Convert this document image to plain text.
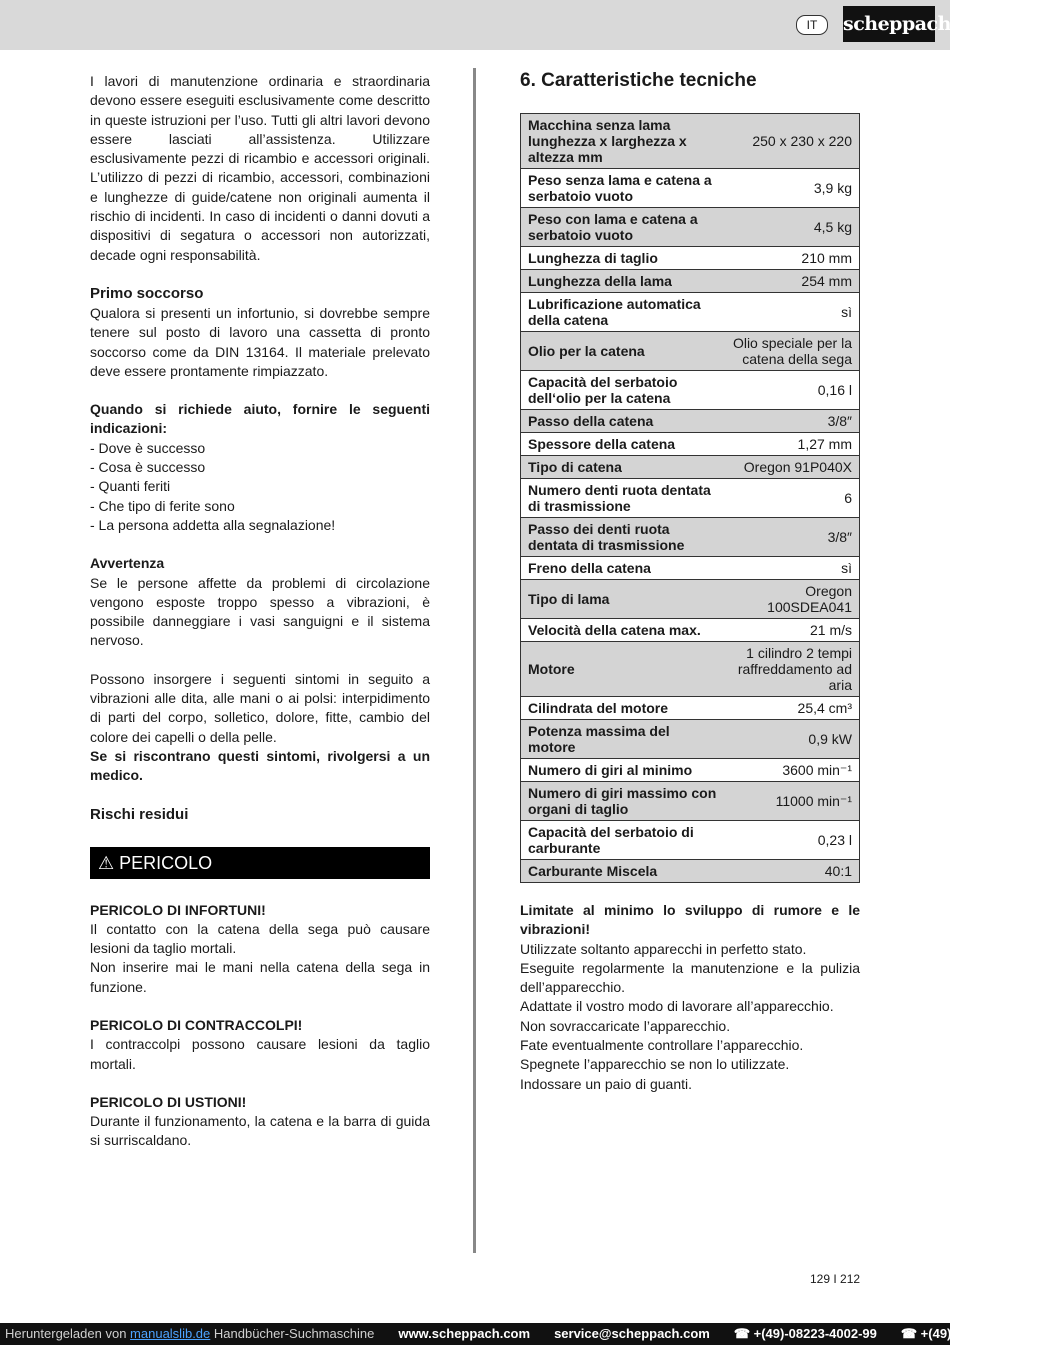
IT	scheppach

I lavori di manutenzione ordinaria e straordinaria devono essere eseguiti esclusivamente come descritto in queste istruzioni per l’uso. Tutti gli altri lavori devono essere lasciati all’assistenza. Utilizzare esclusivamente pezzi di ricambio e accessori originali. L’utilizzo di pezzi di ricambio, accessori, combinazioni e lunghezze di guide/catene non originali aumenta il rischio di incidenti. In caso di incidenti o danni dovuti a dispositivi di segatura o accessori non autorizzati, decade ogni responsabilità.

Primo soccorso

Qualora si presenti un infortunio, si dovrebbe sempre tenere sul posto di lavoro una cassetta di pronto soccorso come da DIN 13164. Il materiale prelevato deve essere prontamente rimpiazzato.

Quando si richiede aiuto, fornire le seguenti indicazioni:

- Dove è successo
- Cosa è successo
- Quanti feriti
- Che tipo di ferite sono
- La persona addetta alla segnalazione!

Avvertenza

Se le persone affette da problemi di circolazione vengono esposte troppo spesso a vibrazioni, è possibile danneggiare i vasi sanguigni e il sistema nervoso.

Possono insorgere i seguenti sintomi in seguito a vibrazioni alle dita, alle mani o ai polsi: interpidimento di parti del corpo, solletico, dolore, fitte, cambio del colore dei capelli o della pelle.

Se si riscontrano questi sintomi, rivolgersi a un medico.

Rischi residui
⚠ PERICOLO

PERICOLO DI INFORTUNI!

Il contatto con la catena della sega può causare lesioni da taglio mortali.

Non inserire mai le mani nella catena della sega in funzione.

PERICOLO DI CONTRACCOLPI!

I contraccolpi possono causare lesioni da taglio mortali.

PERICOLO DI USTIONI!

Durante il funzionamento, la catena e la barra di guida si surriscaldano.

6. Caratteristiche tecniche
Macchina senza lama lunghezza x larghezza x altezza mm	250 x 230 x 220
Peso senza lama e catena a serbatoio vuoto	3,9 kg
Peso con lama e catena a serbatoio vuoto	4,5 kg
Lunghezza di taglio	210 mm
Lunghezza della lama	254 mm
Lubrificazione automatica della catena	sì
Olio per la catena	Olio speciale per la catena della sega
Capacità del serbatoio dell‘olio per la catena	0,16 l
Passo della catena	3/8″
Spessore della catena	1,27 mm
Tipo di catena	Oregon 91P040X
Numero denti ruota dentata di trasmissione	6
Passo dei denti ruota dentata di trasmissione	3/8″
Freno della catena	sì
Tipo di lama	Oregon 100SDEA041
Velocità della catena max.	21 m/s
Motore	1 cilindro 2 tempi raffreddamento ad aria
Cilindrata del motore	25,4 cm³
Potenza massima del motore	0,9 kW
Numero di giri al minimo	3600 min⁻¹
Numero di giri massimo con organi di taglio	11000 min⁻¹
Capacità del serbatoio di carburante	0,23 l
Carburante Miscela	40:1

Limitate al minimo lo sviluppo di rumore e le vibrazioni!

Utilizzate soltanto apparecchi in perfetto stato.

Eseguite regolarmente la manutenzione e la pulizia dell’apparecchio.

Adattate il vostro modo di lavorare all’apparecchio.

Non sovraccaricate l’apparecchio.

Fate eventualmente controllare l’apparecchio.

Spegnete l’apparecchio se non lo utilizzate.

Indossare un paio di guanti.

129 I 212
Heruntergeladen von manualslib.de Handbücher-Suchmaschine www.scheppach.com service@scheppach.com ☎ +(49)-08223-4002-99 ☎ +(49)-08223-4002-58
